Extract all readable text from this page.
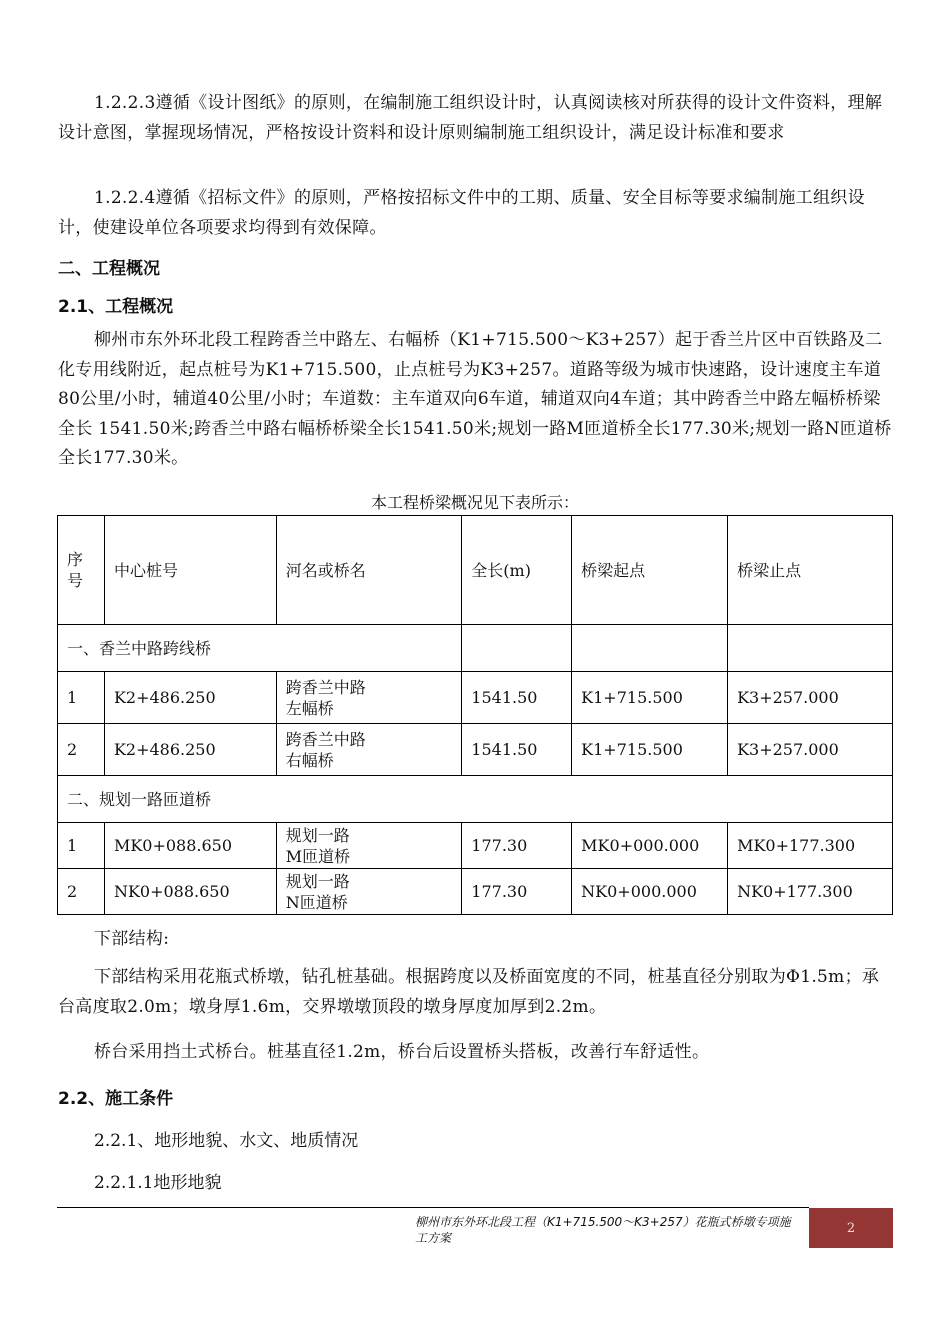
1.2.2.3遵循《设计图纸》的原则，在编制施工组织设计时，认真阅读核对所获得的设计文件资料，理解设计意图，掌握现场情况，严格按设计资料和设计原则编制施工组织设计，满足设计标准和要求

1.2.2.4遵循《招标文件》的原则，严格按招标文件中的工期、质量、安全目标等要求编制施工组织设计，使建设单位各项要求均得到有效保障。

二、工程概况
2.1、工程概况

柳州市东外环北段工程跨香兰中路左、右幅桥（K1+715.500～K3+257）起于香兰片区中百铁路及二化专用线附近，起点桩号为K1+715.500，止点桩号为K3+257。道路等级为城市快速路，设计速度主车道80公里/小时，辅道40公里/小时；车道数：主车道双向6车道，辅道双向4车道；其中跨香兰中路左幅桥桥梁全长 1541.50米;跨香兰中路右幅桥桥梁全长1541.50米;规划一路M匝道桥全长177.30米;规划一路N匝道桥全长177.30米。

本工程桥梁概况见下表所示：
序号	中心桩号	河名或桥名	全长(m)	桥梁起点	桥梁止点
一、香兰中路跨线桥					
1	K2+486.250	跨香兰中路
左幅桥	1541.50	K1+715.500	K3+257.000
2	K2+486.250	跨香兰中路
右幅桥	1541.50	K1+715.500	K3+257.000
二、规划一路匝道桥					
1	MK0+088.650	规划一路
M匝道桥	177.30	MK0+000.000	MK0+177.300
2	NK0+088.650	规划一路
N匝道桥	177.30	NK0+000.000	NK0+177.300

下部结构:

下部结构采用花瓶式桥墩，钻孔桩基础。根据跨度以及桥面宽度的不同，桩基直径分别取为Φ1.5m；承台高度取2.0m；墩身厚1.6m，交界墩墩顶段的墩身厚度加厚到2.2m。

桥台采用挡土式桥台。桩基直径1.2m，桥台后设置桥头搭板，改善行车舒适性。

2.2、施工条件

2.2.1、地形地貌、水文、地质情况

2.2.1.1地形地貌

柳州市东外环北段工程（K1+715.500～K3+257）花瓶式桥墩专项施工方案
2
